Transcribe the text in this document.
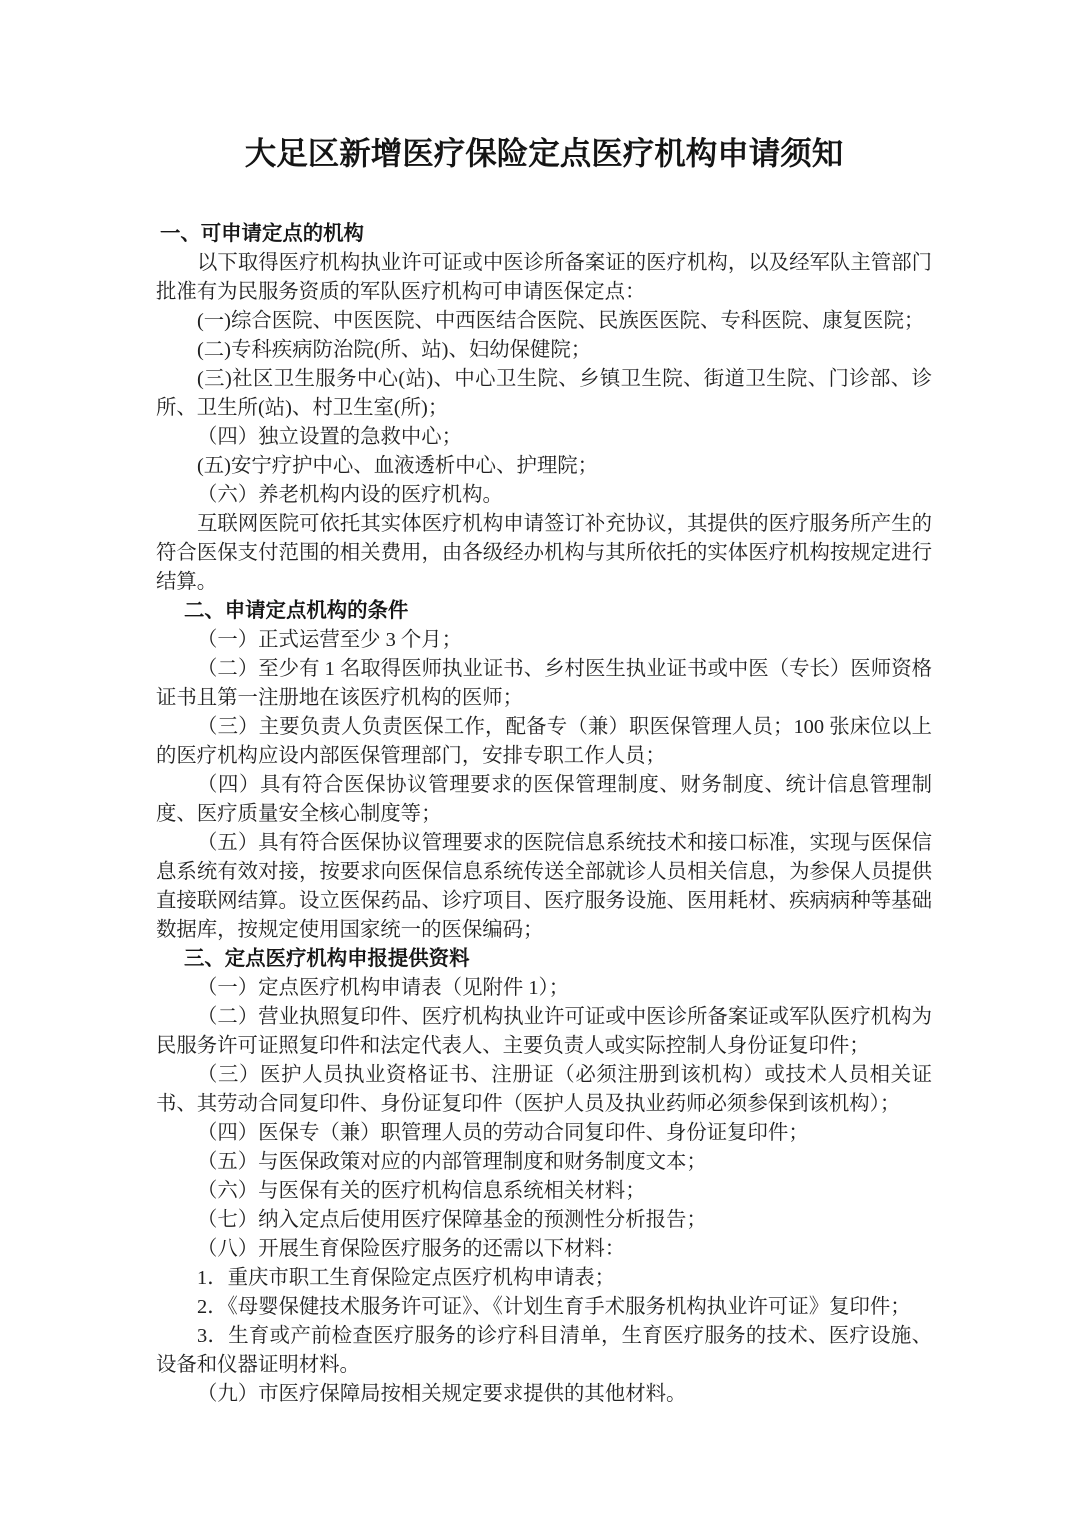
大足区新增医疗保险定点医疗机构申请须知

一、可申请定点的机构

以下取得医疗机构执业许可证或中医诊所备案证的医疗机构，以及经军队主管部门批准有为民服务资质的军队医疗机构可申请医保定点：

(一)综合医院、中医医院、中西医结合医院、民族医医院、专科医院、康复医院；

(二)专科疾病防治院(所、站)、妇幼保健院；

(三)社区卫生服务中心(站)、中心卫生院、乡镇卫生院、街道卫生院、门诊部、诊所、卫生所(站)、村卫生室(所)；

（四）独立设置的急救中心；

(五)安宁疗护中心、血液透析中心、护理院；

（六）养老机构内设的医疗机构。

互联网医院可依托其实体医疗机构申请签订补充协议，其提供的医疗服务所产生的符合医保支付范围的相关费用，由各级经办机构与其所依托的实体医疗机构按规定进行结算。

二、申请定点机构的条件

（一）正式运营至少 3 个月；

（二）至少有 1 名取得医师执业证书、乡村医生执业证书或中医（专长）医师资格证书且第一注册地在该医疗机构的医师；

（三）主要负责人负责医保工作，配备专（兼）职医保管理人员；100 张床位以上的医疗机构应设内部医保管理部门，安排专职工作人员；

（四）具有符合医保协议管理要求的医保管理制度、财务制度、统计信息管理制度、医疗质量安全核心制度等；

（五）具有符合医保协议管理要求的医院信息系统技术和接口标准，实现与医保信息系统有效对接，按要求向医保信息系统传送全部就诊人员相关信息，为参保人员提供直接联网结算。设立医保药品、诊疗项目、医疗服务设施、医用耗材、疾病病种等基础数据库，按规定使用国家统一的医保编码；

三、定点医疗机构申报提供资料

（一）定点医疗机构申请表（见附件 1）；

（二）营业执照复印件、医疗机构执业许可证或中医诊所备案证或军队医疗机构为民服务许可证照复印件和法定代表人、主要负责人或实际控制人身份证复印件；

（三）医护人员执业资格证书、注册证（必须注册到该机构）或技术人员相关证书、其劳动合同复印件、身份证复印件（医护人员及执业药师必须参保到该机构）；

（四）医保专（兼）职管理人员的劳动合同复印件、身份证复印件；

（五）与医保政策对应的内部管理制度和财务制度文本；

（六）与医保有关的医疗机构信息系统相关材料；

（七）纳入定点后使用医疗保障基金的预测性分析报告；

（八）开展生育保险医疗服务的还需以下材料：

1．重庆市职工生育保险定点医疗机构申请表；

2．《母婴保健技术服务许可证》、《计划生育手术服务机构执业许可证》复印件；

3．生育或产前检查医疗服务的诊疗科目清单，生育医疗服务的技术、医疗设施、设备和仪器证明材料。

（九）市医疗保障局按相关规定要求提供的其他材料。
